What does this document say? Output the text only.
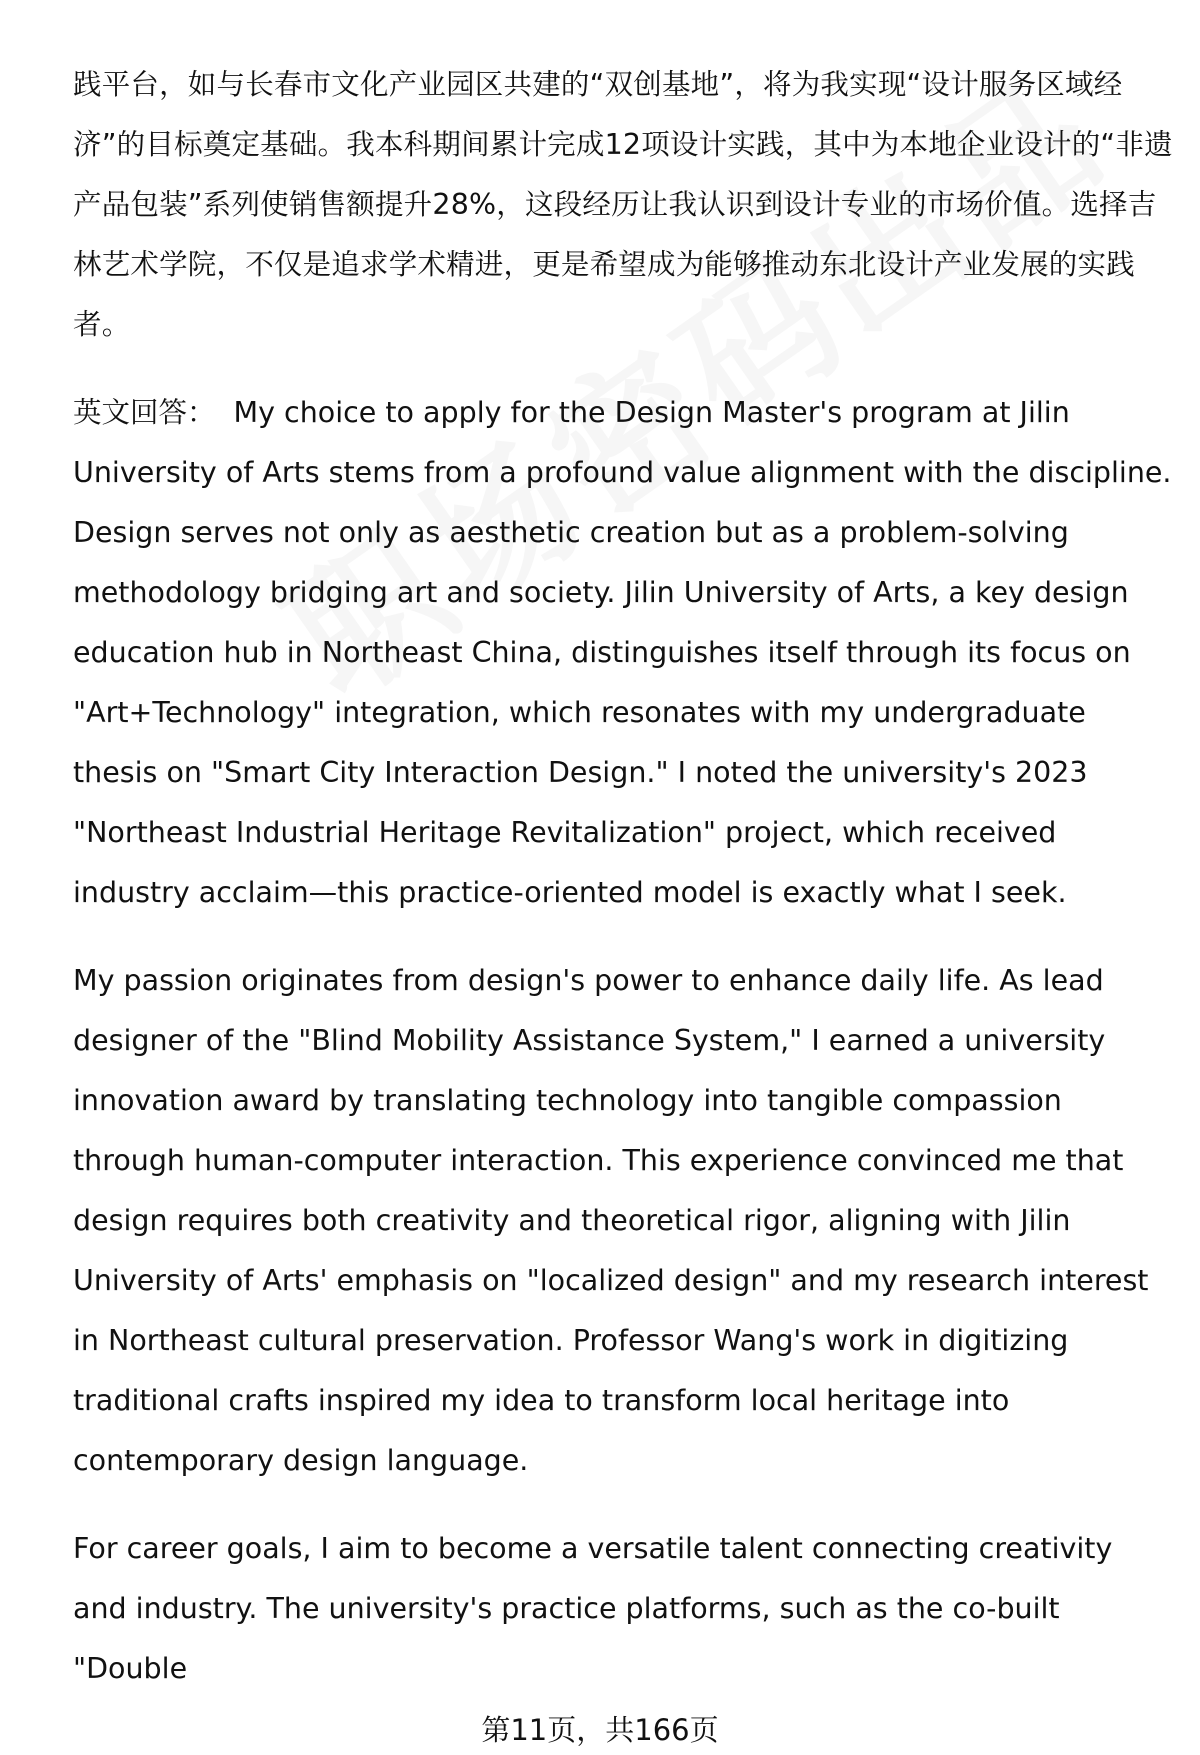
践平台，如与长春市文化产业园区共建的“双创基地”，将为我实现“设计服务区域经济”的目标奠定基础。我本科期间累计完成12项设计实践，其中为本地企业设计的“非遗产品包装”系列使销售额提升28%，这段经历让我认识到设计专业的市场价值。选择吉林艺术学院，不仅是追求学术精进，更是希望成为能够推动东北设计产业发展的实践者。

英文回答： My choice to apply for the Design Master's program at Jilin University of Arts stems from a profound value alignment with the discipline. Design serves not only as aesthetic creation but as a problem-solving methodology bridging art and society. Jilin University of Arts, a key design education hub in Northeast China, distinguishes itself through its focus on "Art+Technology" integration, which resonates with my undergraduate thesis on "Smart City Interaction Design." I noted the university's 2023 "Northeast Industrial Heritage Revitalization" project, which received industry acclaim—this practice-oriented model is exactly what I seek.

My passion originates from design's power to enhance daily life. As lead designer of the "Blind Mobility Assistance System," I earned a university innovation award by translating technology into tangible compassion through human-computer interaction. This experience convinced me that design requires both creativity and theoretical rigor, aligning with Jilin University of Arts' emphasis on "localized design" and my research interest in Northeast cultural preservation. Professor Wang's work in digitizing traditional crafts inspired my idea to transform local heritage into contemporary design language.

For career goals, I aim to become a versatile talent connecting creativity and industry. The university's practice platforms, such as the co-built "Double

第11页，共166页
